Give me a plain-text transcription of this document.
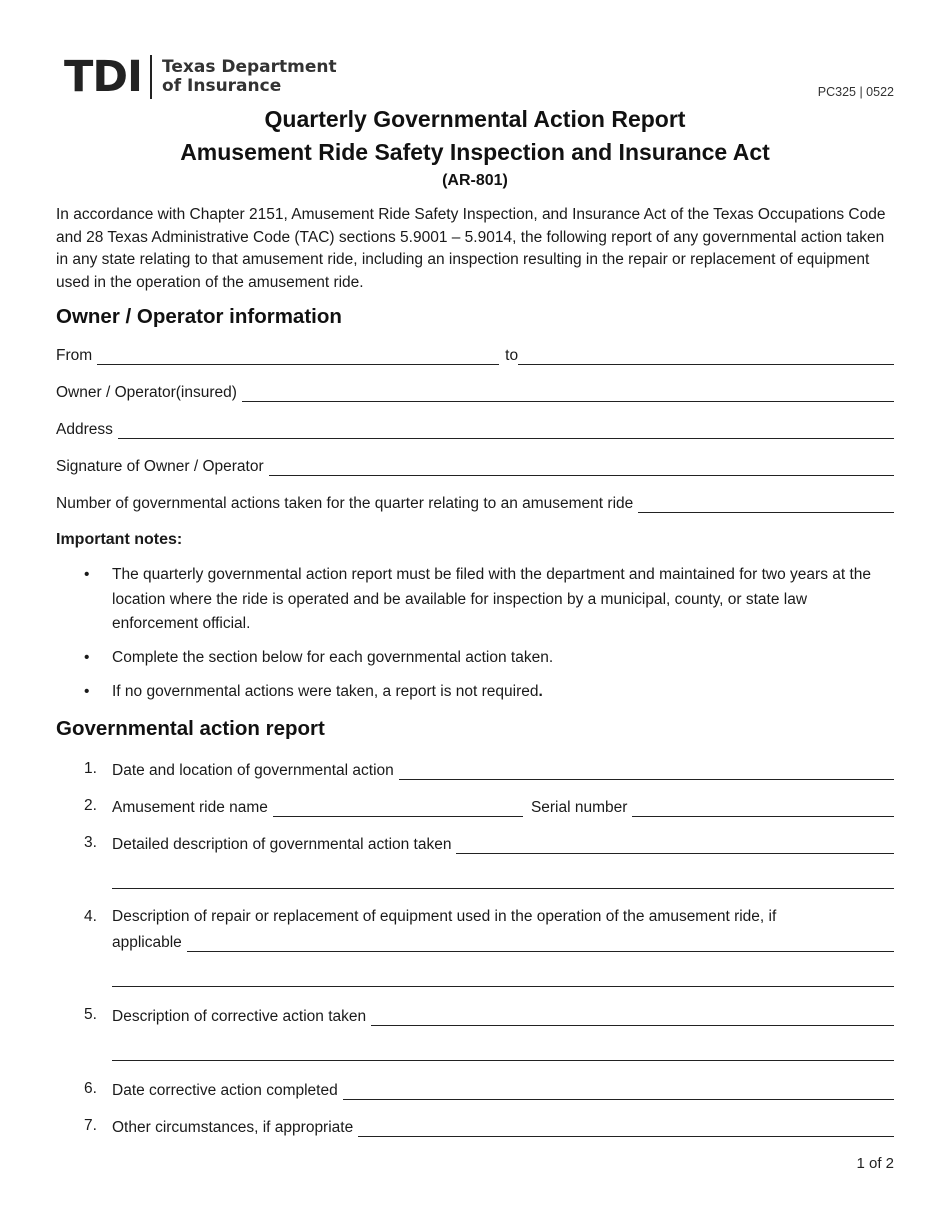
TDI Texas Department
of Insurance	PC325 | 0522
Quarterly Governmental Action Report
Amusement Ride Safety Inspection and Insurance Act
(AR-801)
In accordance with Chapter 2151, Amusement Ride Safety Inspection, and Insurance Act of the Texas Occupations Code and 28 Texas Administrative Code (TAC) sections 5.9001 – 5.9014, the following report of any governmental action taken in any state relating to that amusement ride, including an inspection resulting in the repair or replacement of equipment used in the operation of the amusement ride.
Owner / Operator information
From	to
Owner / Operator(insured)
Address
Signature of Owner / Operator
Number of governmental actions taken for the quarter relating to an amusement ride
Important notes:
•	The quarterly governmental action report must be filed with the department and maintained for two years at the location where the ride is operated and be available for inspection by a municipal, county, or state law enforcement official.
•	Complete the section below for each governmental action taken.
•	If no governmental actions were taken, a report is not required.
Governmental action report
1. Date and location of governmental action
2. Amusement ride name	Serial number
3. Detailed description of governmental action taken
4. Description of repair or replacement of equipment used in the operation of the amusement ride, if
applicable
5. Description of corrective action taken
6. Date corrective action completed
7. Other circumstances, if appropriate
1 of 2
